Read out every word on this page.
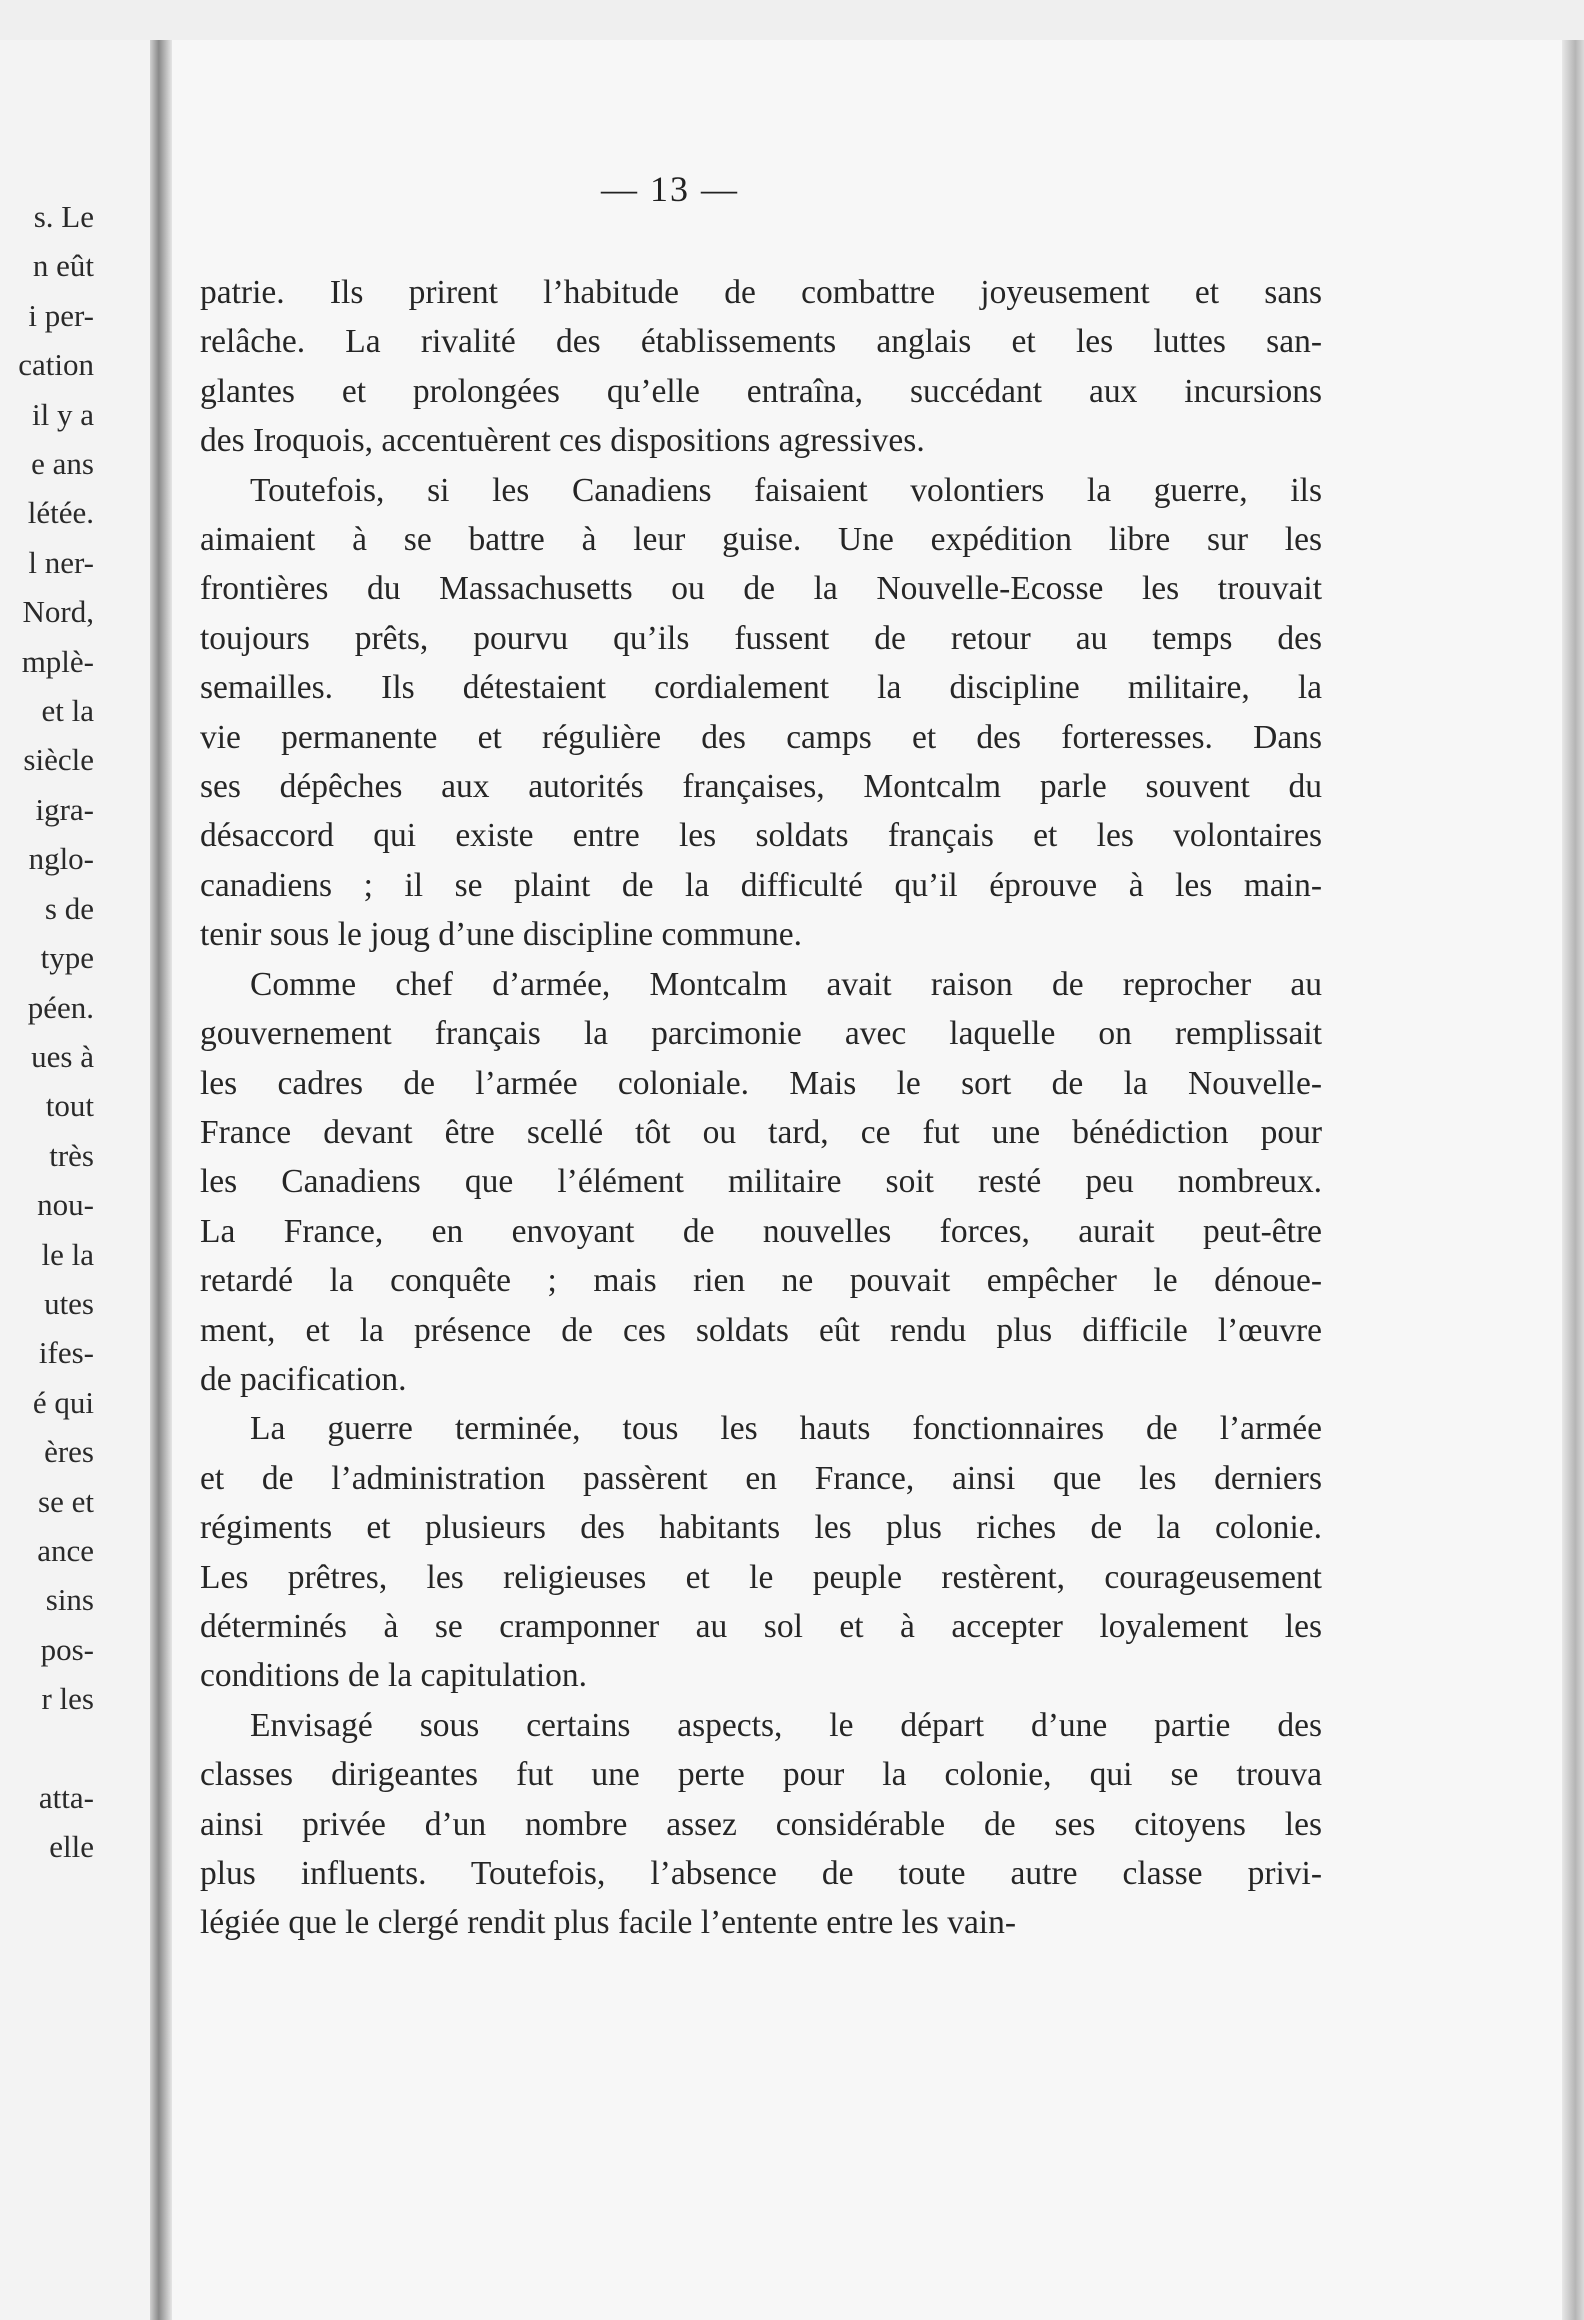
s. Le
n eût
i per-
cation
il y a
e ans
létée.
l ner-
Nord,
mplè-
et la
siècle
igra-
nglo-
s de
type
péen.
ues à
tout
très
nou-
le la
utes
ifes-
é qui
ères
se et
ance
sins
pos-
r les

atta-
elle
— 13 —
patrie. Ils prirent l’habitude de combattre joyeusement et sans
relâche. La rivalité des établissements anglais et les luttes san-
glantes et prolongées qu’elle entraîna, succédant aux incursions
des Iroquois, accentuèrent ces dispositions agressives.
Toutefois, si les Canadiens faisaient volontiers la guerre, ils
aimaient à se battre à leur guise. Une expédition libre sur les
frontières du Massachusetts ou de la Nouvelle-Ecosse les trouvait
toujours prêts, pourvu qu’ils fussent de retour au temps des
semailles. Ils détestaient cordialement la discipline militaire, la
vie permanente et régulière des camps et des forteresses. Dans
ses dépêches aux autorités françaises, Montcalm parle souvent du
désaccord qui existe entre les soldats français et les volontaires
canadiens ; il se plaint de la difficulté qu’il éprouve à les main-
tenir sous le joug d’une discipline commune.
Comme chef d’armée, Montcalm avait raison de reprocher au
gouvernement français la parcimonie avec laquelle on remplissait
les cadres de l’armée coloniale. Mais le sort de la Nouvelle-
France devant être scellé tôt ou tard, ce fut une bénédiction pour
les Canadiens que l’élément militaire soit resté peu nombreux.
La France, en envoyant de nouvelles forces, aurait peut-être
retardé la conquête ; mais rien ne pouvait empêcher le dénoue-
ment, et la présence de ces soldats eût rendu plus difficile l’œuvre
de pacification.
La guerre terminée, tous les hauts fonctionnaires de l’armée
et de l’administration passèrent en France, ainsi que les derniers
régiments et plusieurs des habitants les plus riches de la colonie.
Les prêtres, les religieuses et le peuple restèrent, courageusement
déterminés à se cramponner au sol et à accepter loyalement les
conditions de la capitulation.
Envisagé sous certains aspects, le départ d’une partie des
classes dirigeantes fut une perte pour la colonie, qui se trouva
ainsi privée d’un nombre assez considérable de ses citoyens les
plus influents. Toutefois, l’absence de toute autre classe privi-
légiée que le clergé rendit plus facile l’entente entre les vain-
